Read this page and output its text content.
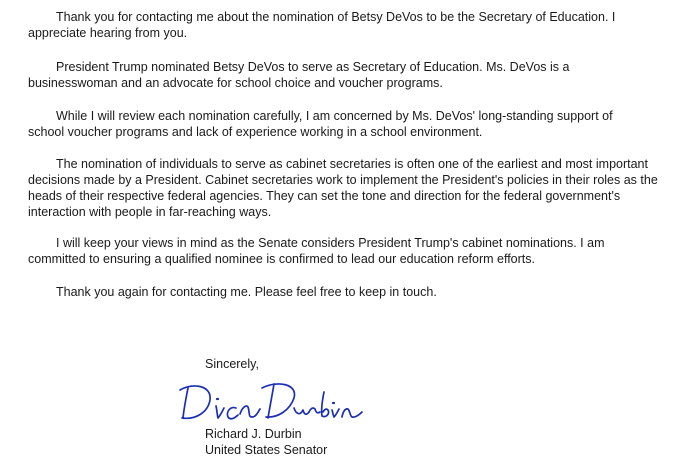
Thank you for contacting me about the nomination of Betsy DeVos to be the Secretary of Education. I appreciate hearing from you.

President Trump nominated Betsy DeVos to serve as Secretary of Education. Ms. DeVos is a businesswoman and an advocate for school choice and voucher programs.

While I will review each nomination carefully, I am concerned by Ms. DeVos' long-standing support of school voucher programs and lack of experience working in a school environment.

The nomination of individuals to serve as cabinet secretaries is often one of the earliest and most important decisions made by a President. Cabinet secretaries work to implement the President's policies in their roles as the heads of their respective federal agencies. They can set the tone and direction for the federal government's interaction with people in far-reaching ways.

I will keep your views in mind as the Senate considers President Trump's cabinet nominations. I am committed to ensuring a qualified nominee is confirmed to lead our education reform efforts.

Thank you again for contacting me. Please feel free to keep in touch.

Sincerely,
Richard J. Durbin
United States Senator
